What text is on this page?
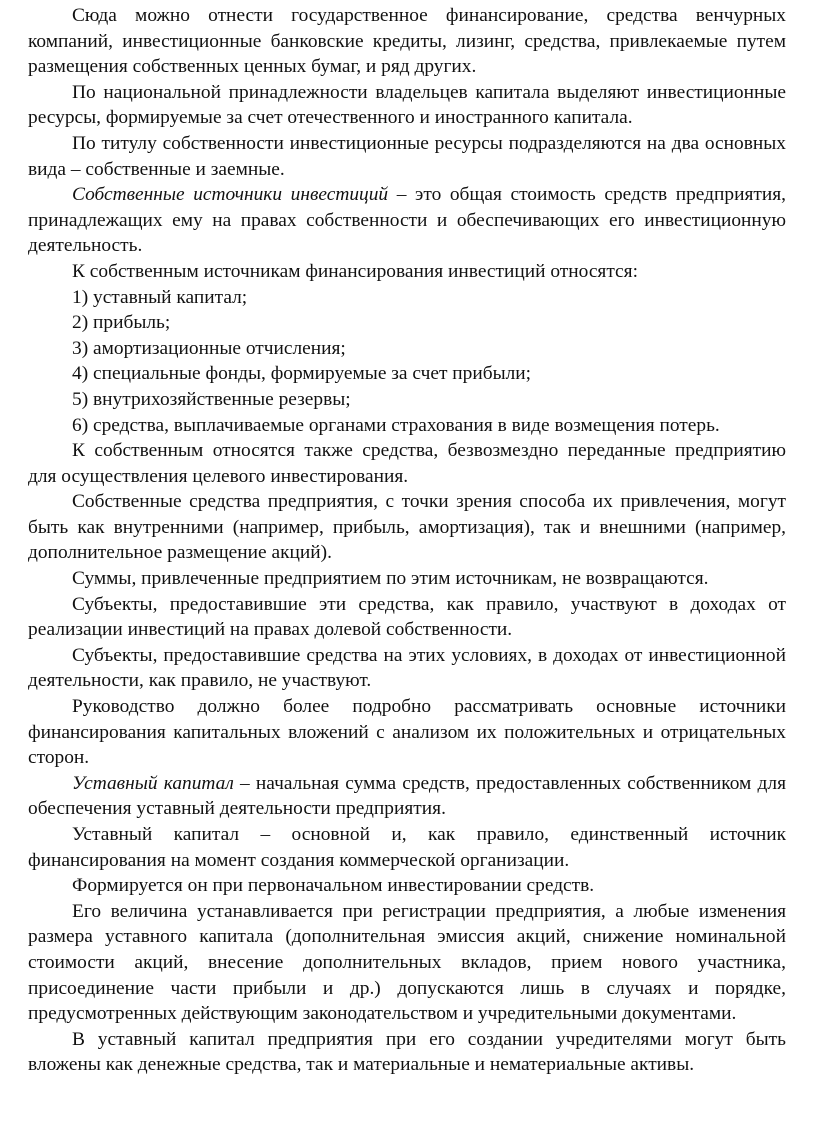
Сюда можно отнести государственное финансирование, средства венчурных компаний, инвестиционные банковские кредиты, лизинг, средства, привлекаемые путем размещения собственных ценных бумаг, и ряд других.

По национальной принадлежности владельцев капитала выделяют инвестиционные ресурсы, формируемые за счет отечественного и иностранного капитала.

По титулу собственности инвестиционные ресурсы подразделяются на два основных вида – собственные и заемные.

Собственные источники инвестиций – это общая стоимость средств предприятия, принадлежащих ему на правах собственности и обеспечивающих его инвестиционную деятельность.

К собственным источникам финансирования инвестиций относятся:

1) уставный капитал;

2) прибыль;

3) амортизационные отчисления;

4) специальные фонды, формируемые за счет прибыли;

5) внутрихозяйственные резервы;

6) средства, выплачиваемые органами страхования в виде возмещения потерь.

К собственным относятся также средства, безвозмездно переданные предприятию для осуществления целевого инвестирования.

Собственные средства предприятия, с точки зрения способа их привлечения, могут быть как внутренними (например, прибыль, амортизация), так и внешними (например, дополнительное размещение акций).

Суммы, привлеченные предприятием по этим источникам, не возвращаются.

Субъекты, предоставившие эти средства, как правило, участвуют в доходах от реализации инвестиций на правах долевой собственности.

Субъекты, предоставившие средства на этих условиях, в доходах от инвестиционной деятельности, как правило, не участвуют.

Руководство должно более подробно рассматривать основные источники финансирования капитальных вложений с анализом их положительных и отрицательных сторон.

Уставный капитал – начальная сумма средств, предоставленных собственником для обеспечения уставный деятельности предприятия.

Уставный капитал – основной и, как правило, единственный источник финансирования на момент создания коммерческой организации.

Формируется он при первоначальном инвестировании средств.

Его величина устанавливается при регистрации предприятия, а любые изменения размера уставного капитала (дополнительная эмиссия акций, снижение номинальной стоимости акций, внесение дополнительных вкладов, прием нового участника, присоединение части прибыли и др.) допускаются лишь в случаях и порядке, предусмотренных действующим законодательством и учредительными документами.

В уставный капитал предприятия при его создании учредителями могут быть вложены как денежные средства, так и материальные и нематериальные активы.
